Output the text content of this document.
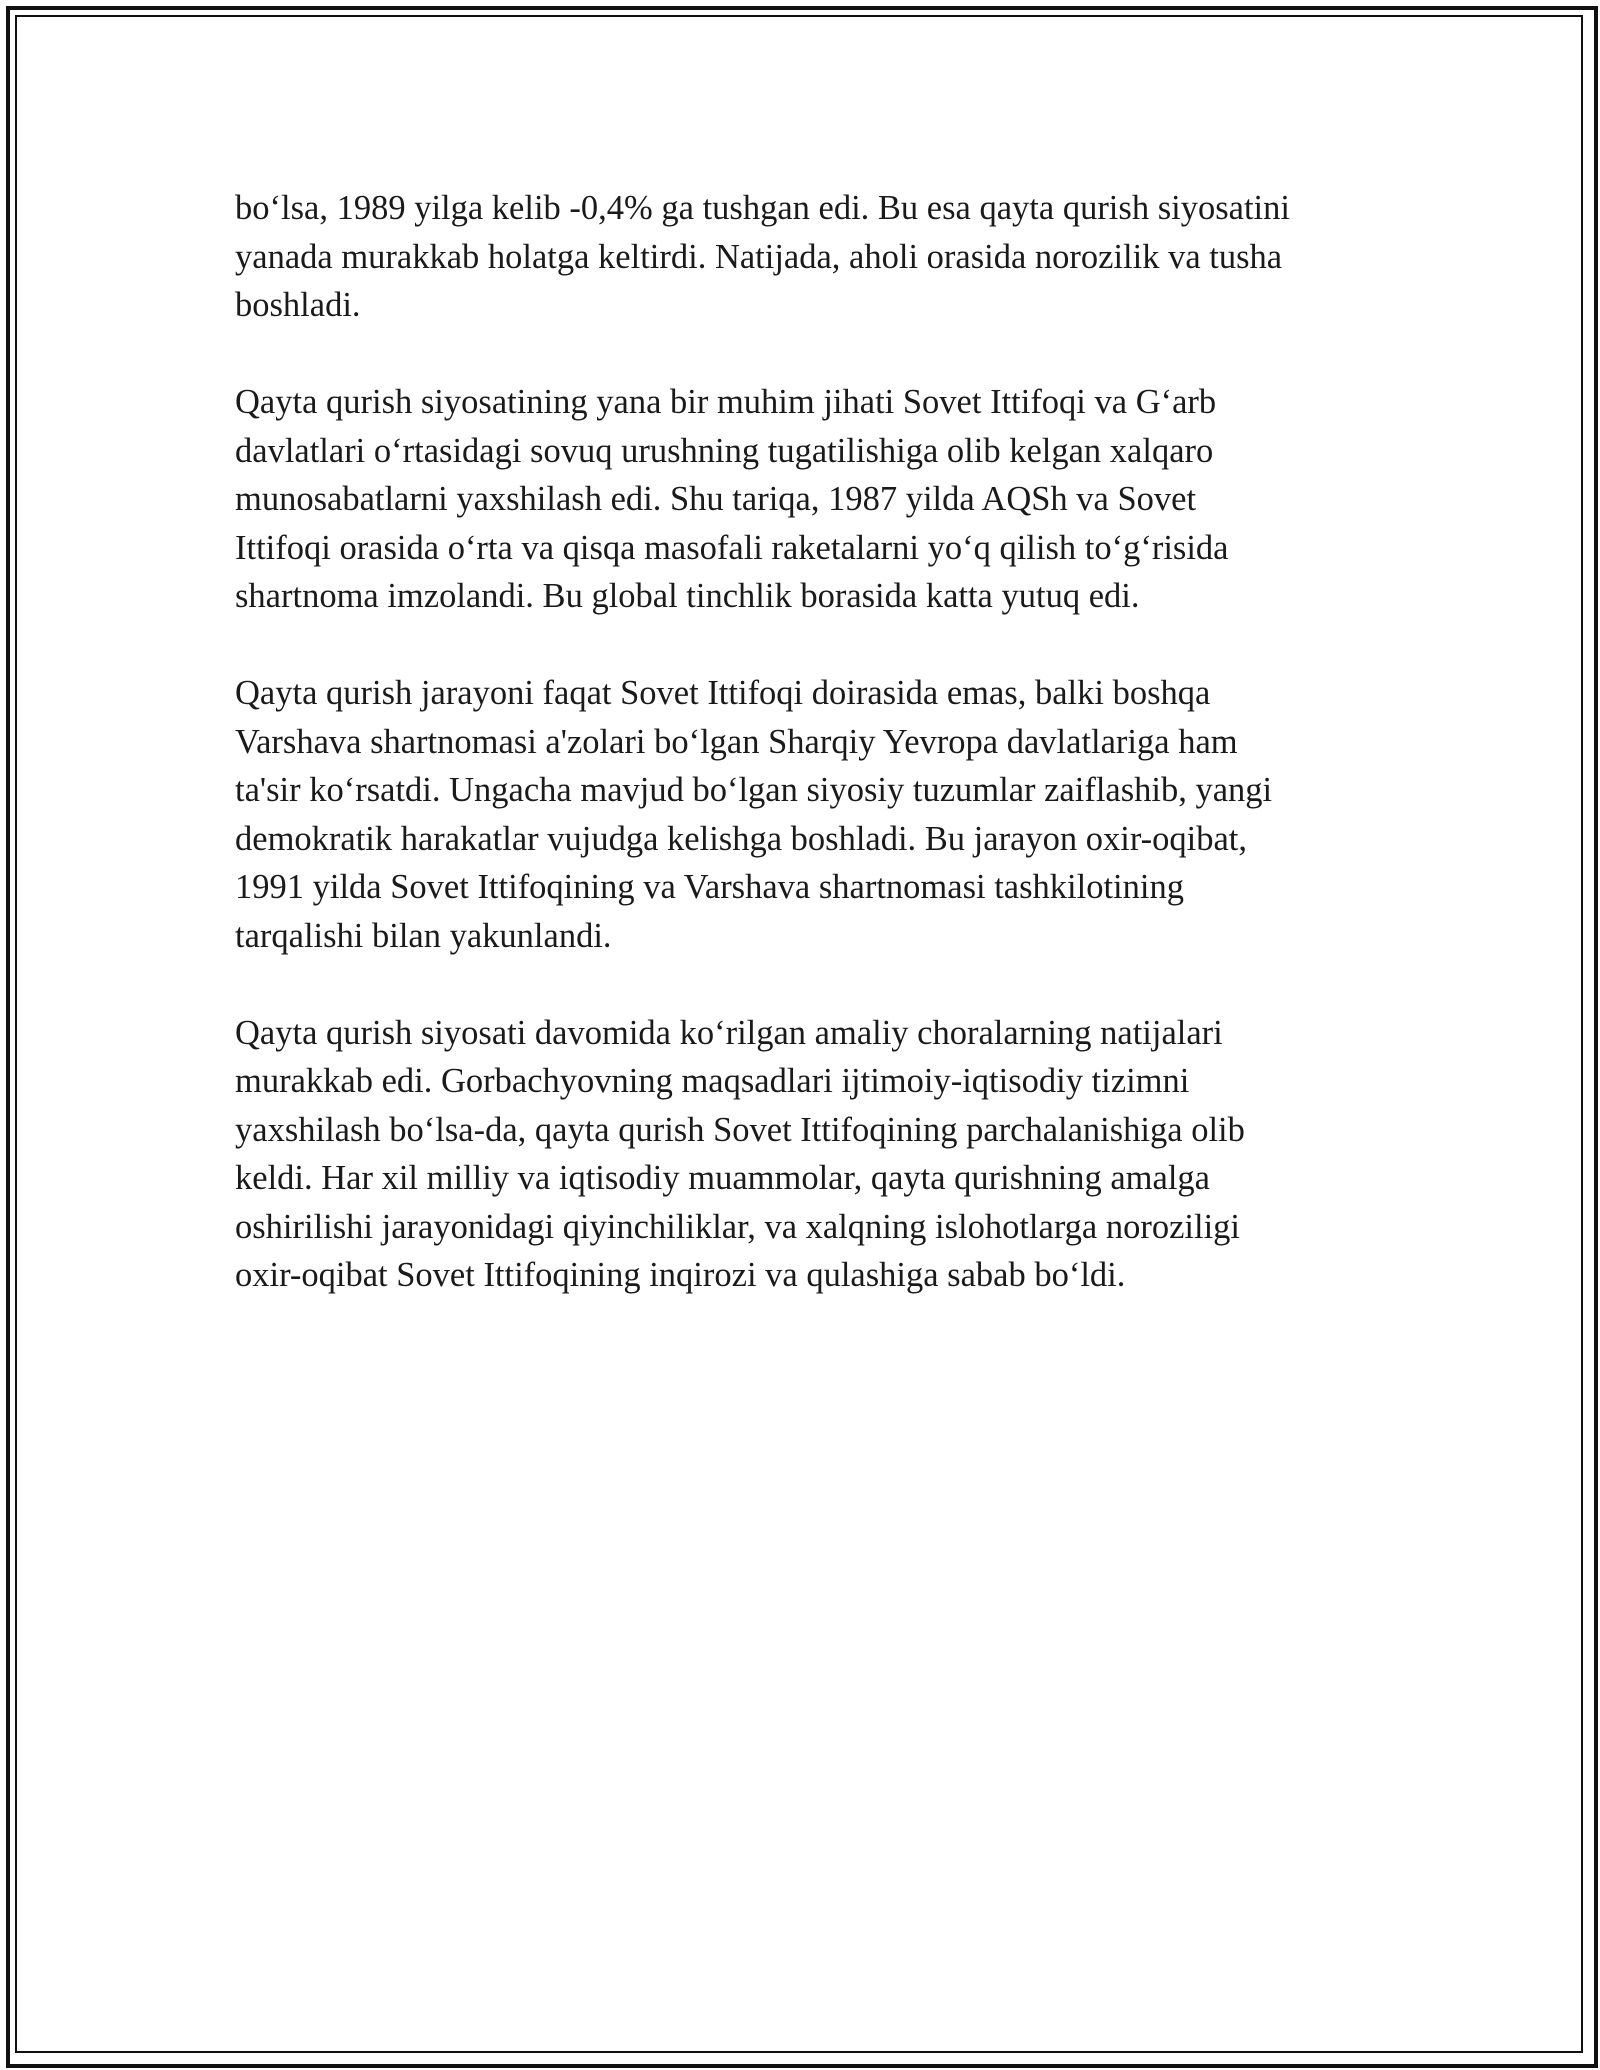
bo‘lsa, 1989 yilga kelib -0,4% ga tushgan edi. Bu esa qayta qurish siyosatini
yanada murakkab holatga keltirdi. Natijada, aholi orasida norozilik va tusha
boshladi.

Qayta qurish siyosatining yana bir muhim jihati Sovet Ittifoqi va G‘arb
davlatlari o‘rtasidagi sovuq urushning tugatilishiga olib kelgan xalqaro
munosabatlarni yaxshilash edi. Shu tariqa, 1987 yilda AQSh va Sovet
Ittifoqi orasida o‘rta va qisqa masofali raketalarni yo‘q qilish to‘g‘risida
shartnoma imzolandi. Bu global tinchlik borasida katta yutuq edi.

Qayta qurish jarayoni faqat Sovet Ittifoqi doirasida emas, balki boshqa
Varshava shartnomasi a'zolari bo‘lgan Sharqiy Yevropa davlatlariga ham
ta'sir ko‘rsatdi. Ungacha mavjud bo‘lgan siyosiy tuzumlar zaiflashib, yangi
demokratik harakatlar vujudga kelishga boshladi. Bu jarayon oxir-oqibat,
1991 yilda Sovet Ittifoqining va Varshava shartnomasi tashkilotining
tarqalishi bilan yakunlandi.

Qayta qurish siyosati davomida ko‘rilgan amaliy choralarning natijalari
murakkab edi. Gorbachyovning maqsadlari ijtimoiy-iqtisodiy tizimni
yaxshilash bo‘lsa-da, qayta qurish Sovet Ittifoqining parchalanishiga olib
keldi. Har xil milliy va iqtisodiy muammolar, qayta qurishning amalga
oshirilishi jarayonidagi qiyinchiliklar, va xalqning islohotlarga noroziligi
oxir-oqibat Sovet Ittifoqining inqirozi va qulashiga sabab bo‘ldi.
